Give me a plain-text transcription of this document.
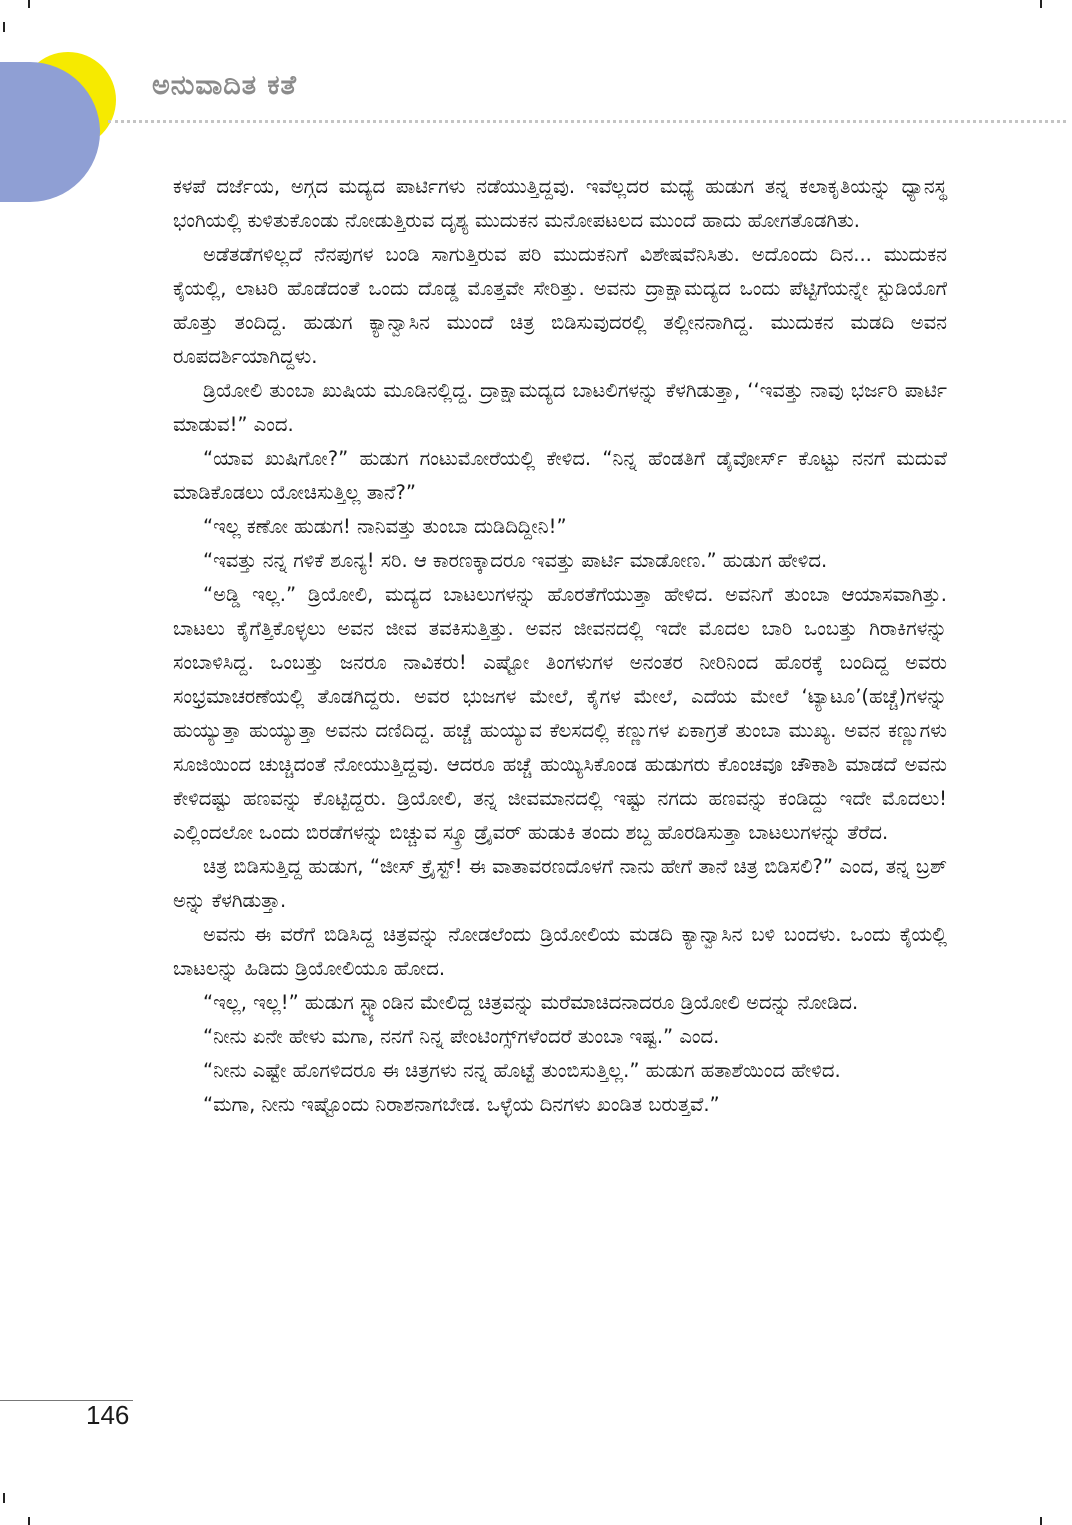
ಅನುವಾದಿತ ಕತೆ

ಕಳಪೆ ದರ್ಜೆಯ, ಅಗ್ಗದ ಮದ್ಯದ ಪಾರ್ಟಿಗಳು ನಡೆಯುತ್ತಿದ್ದವು. ಇವೆಲ್ಲದರ ಮಧ್ಯೆ ಹುಡುಗ ತನ್ನ ಕಲಾಕೃತಿಯನ್ನು ಧ್ಯಾನಸ್ಥ ಭಂಗಿಯಲ್ಲಿ ಕುಳಿತುಕೊಂಡು ನೋಡುತ್ತಿರುವ ದೃಶ್ಯ ಮುದುಕನ ಮನೋಪಟಲದ ಮುಂದೆ ಹಾದು ಹೋಗತೊಡಗಿತು.

ಅಡೆತಡೆಗಳಿಲ್ಲದೆ ನೆನಪುಗಳ ಬಂಡಿ ಸಾಗುತ್ತಿರುವ ಪರಿ ಮುದುಕನಿಗೆ ವಿಶೇಷವೆನಿಸಿತು. ಅದೊಂದು ದಿನ... ಮುದುಕನ ಕೈಯಲ್ಲಿ, ಲಾಟರಿ ಹೊಡೆದಂತೆ ಒಂದು ದೊಡ್ಡ ಮೊತ್ತವೇ ಸೇರಿತ್ತು. ಅವನು ದ್ರಾಕ್ಷಾಮದ್ಯದ ಒಂದು ಪೆಟ್ಟಿಗೆಯನ್ನೇ ಸ್ಟುಡಿಯೊಗೆ ಹೊತ್ತು ತಂದಿದ್ದ. ಹುಡುಗ ಕ್ಯಾನ್ವಾಸಿನ ಮುಂದೆ ಚಿತ್ರ ಬಿಡಿಸುವುದರಲ್ಲಿ ತಲ್ಲೀನನಾಗಿದ್ದ. ಮುದುಕನ ಮಡದಿ ಅವನ ರೂಪದರ್ಶಿಯಾಗಿದ್ದಳು.

ಡ್ರಿಯೋಲಿ ತುಂಬಾ ಖುಷಿಯ ಮೂಡಿನಲ್ಲಿದ್ದ. ದ್ರಾಕ್ಷಾಮದ್ಯದ ಬಾಟಲಿಗಳನ್ನು ಕೆಳಗಿಡುತ್ತಾ, ‘‘ಇವತ್ತು ನಾವು ಭರ್ಜರಿ ಪಾರ್ಟಿ ಮಾಡುವ!” ಎಂದ.

“ಯಾವ ಖುಷಿಗೋ?” ಹುಡುಗ ಗಂಟುಮೋರೆಯಲ್ಲಿ ಕೇಳಿದ. “ನಿನ್ನ ಹೆಂಡತಿಗೆ ಡೈವೋರ್ಸ್ ಕೊಟ್ಟು ನನಗೆ ಮದುವೆ ಮಾಡಿಕೊಡಲು ಯೋಚಿಸುತ್ತಿಲ್ಲ ತಾನೆ?”

“ಇಲ್ಲ ಕಣೋ ಹುಡುಗ! ನಾನಿವತ್ತು ತುಂಬಾ ದುಡಿದಿದ್ದೀನಿ!”

“ಇವತ್ತು ನನ್ನ ಗಳಿಕೆ ಶೂನ್ಯ! ಸರಿ. ಆ ಕಾರಣಕ್ಕಾದರೂ ಇವತ್ತು ಪಾರ್ಟಿ ಮಾಡೋಣ.” ಹುಡುಗ ಹೇಳಿದ.

“ಅಡ್ಡಿ ಇಲ್ಲ.” ಡ್ರಿಯೋಲಿ, ಮದ್ಯದ ಬಾಟಲುಗಳನ್ನು ಹೊರತೆಗೆಯುತ್ತಾ ಹೇಳಿದ. ಅವನಿಗೆ ತುಂಬಾ ಆಯಾಸವಾಗಿತ್ತು. ಬಾಟಲು ಕೈಗೆತ್ತಿಕೊಳ್ಳಲು ಅವನ ಜೀವ ತವಕಿಸುತ್ತಿತ್ತು. ಅವನ ಜೀವನದಲ್ಲಿ ಇದೇ ಮೊದಲ ಬಾರಿ ಒಂಬತ್ತು ಗಿರಾಕಿಗಳನ್ನು ಸಂಬಾಳಿಸಿದ್ದ. ಒಂಬತ್ತು ಜನರೂ ನಾವಿಕರು! ಎಷ್ಟೋ ತಿಂಗಳುಗಳ ಅನಂತರ ನೀರಿನಿಂದ ಹೊರಕ್ಕೆ ಬಂದಿದ್ದ ಅವರು ಸಂಭ್ರಮಾಚರಣೆಯಲ್ಲಿ ತೊಡಗಿದ್ದರು. ಅವರ ಭುಜಗಳ ಮೇಲೆ, ಕೈಗಳ ಮೇಲೆ, ಎದೆಯ ಮೇಲೆ ‘ಟ್ಯಾಟೂ’(ಹಚ್ಚೆ)ಗಳನ್ನು ಹುಯ್ಯುತ್ತಾ ಹುಯ್ಯುತ್ತಾ ಅವನು ದಣಿದಿದ್ದ. ಹಚ್ಚೆ ಹುಯ್ಯುವ ಕೆಲಸದಲ್ಲಿ ಕಣ್ಣುಗಳ ಏಕಾಗ್ರತೆ ತುಂಬಾ ಮುಖ್ಯ. ಅವನ ಕಣ್ಣುಗಳು ಸೂಜಿಯಿಂದ ಚುಚ್ಚಿದಂತೆ ನೋಯುತ್ತಿದ್ದವು. ಆದರೂ ಹಚ್ಚೆ ಹುಯ್ಯಿಸಿಕೊಂಡ ಹುಡುಗರು ಕೊಂಚವೂ ಚೌಕಾಶಿ ಮಾಡದೆ ಅವನು ಕೇಳಿದಷ್ಟು ಹಣವನ್ನು ಕೊಟ್ಟಿದ್ದರು. ಡ್ರಿಯೋಲಿ, ತನ್ನ ಜೀವಮಾನದಲ್ಲಿ ಇಷ್ಟು ನಗದು ಹಣವನ್ನು ಕಂಡಿದ್ದು ಇದೇ ಮೊದಲು! ಎಲ್ಲಿಂದಲೋ ಒಂದು ಬಿರಡೆಗಳನ್ನು ಬಿಚ್ಚುವ ಸ್ಕ್ರೂ ಡ್ರೈವರ್ ಹುಡುಕಿ ತಂದು ಶಬ್ದ ಹೊರಡಿಸುತ್ತಾ ಬಾಟಲುಗಳನ್ನು ತೆರೆದ.

ಚಿತ್ರ ಬಿಡಿಸುತ್ತಿದ್ದ ಹುಡುಗ, “ಜೀಸ್ ಕ್ರೈಸ್ಟ್! ಈ ವಾತಾವರಣದೊಳಗೆ ನಾನು ಹೇಗೆ ತಾನೆ ಚಿತ್ರ ಬಿಡಿಸಲಿ?” ಎಂದ, ತನ್ನ ಬ್ರಶ್ ಅನ್ನು ಕೆಳಗಿಡುತ್ತಾ.

ಅವನು ಈ ವರೆಗೆ ಬಿಡಿಸಿದ್ದ ಚಿತ್ರವನ್ನು ನೋಡಲೆಂದು ಡ್ರಿಯೋಲಿಯ ಮಡದಿ ಕ್ಯಾನ್ವಾಸಿನ ಬಳಿ ಬಂದಳು. ಒಂದು ಕೈಯಲ್ಲಿ ಬಾಟಲನ್ನು ಹಿಡಿದು ಡ್ರಿಯೋಲಿಯೂ ಹೋದ.

“ಇಲ್ಲ, ಇಲ್ಲ!” ಹುಡುಗ ಸ್ಟ್ಯಾಂಡಿನ ಮೇಲಿದ್ದ ಚಿತ್ರವನ್ನು ಮರೆಮಾಚಿದನಾದರೂ ಡ್ರಿಯೋಲಿ ಅದನ್ನು ನೋಡಿದ.

“ನೀನು ಏನೇ ಹೇಳು ಮಗಾ, ನನಗೆ ನಿನ್ನ ಪೇಂಟಿಂಗ್ಸ್‌ಗಳೆಂದರೆ ತುಂಬಾ ಇಷ್ಟ.” ಎಂದ.

“ನೀನು ಎಷ್ಟೇ ಹೊಗಳಿದರೂ ಈ ಚಿತ್ರಗಳು ನನ್ನ ಹೊಟ್ಟೆ ತುಂಬಿಸುತ್ತಿಲ್ಲ.” ಹುಡುಗ ಹತಾಶೆಯಿಂದ ಹೇಳಿದ.

“ಮಗಾ, ನೀನು ಇಷ್ಟೊಂದು ನಿರಾಶನಾಗಬೇಡ. ಒಳ್ಳೆಯ ದಿನಗಳು ಖಂಡಿತ ಬರುತ್ತವೆ.”

146
